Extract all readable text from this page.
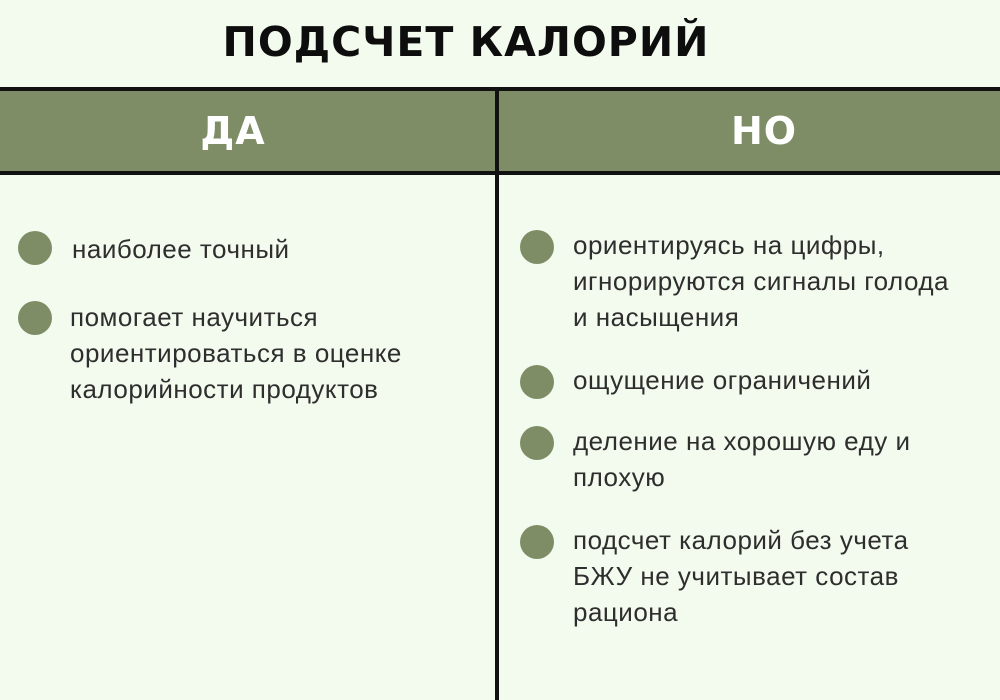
ПОДСЧЕТ КАЛОРИЙ
ДА	НО
наиболее точный
помогает научиться ориентироваться в оценке калорийности продуктов
ориентируясь на цифры, игнорируются сигналы голода и насыщения
ощущение ограничений
деление на хорошую еду и плохую
подсчет калорий без учета БЖУ не учитывает состав рациона
